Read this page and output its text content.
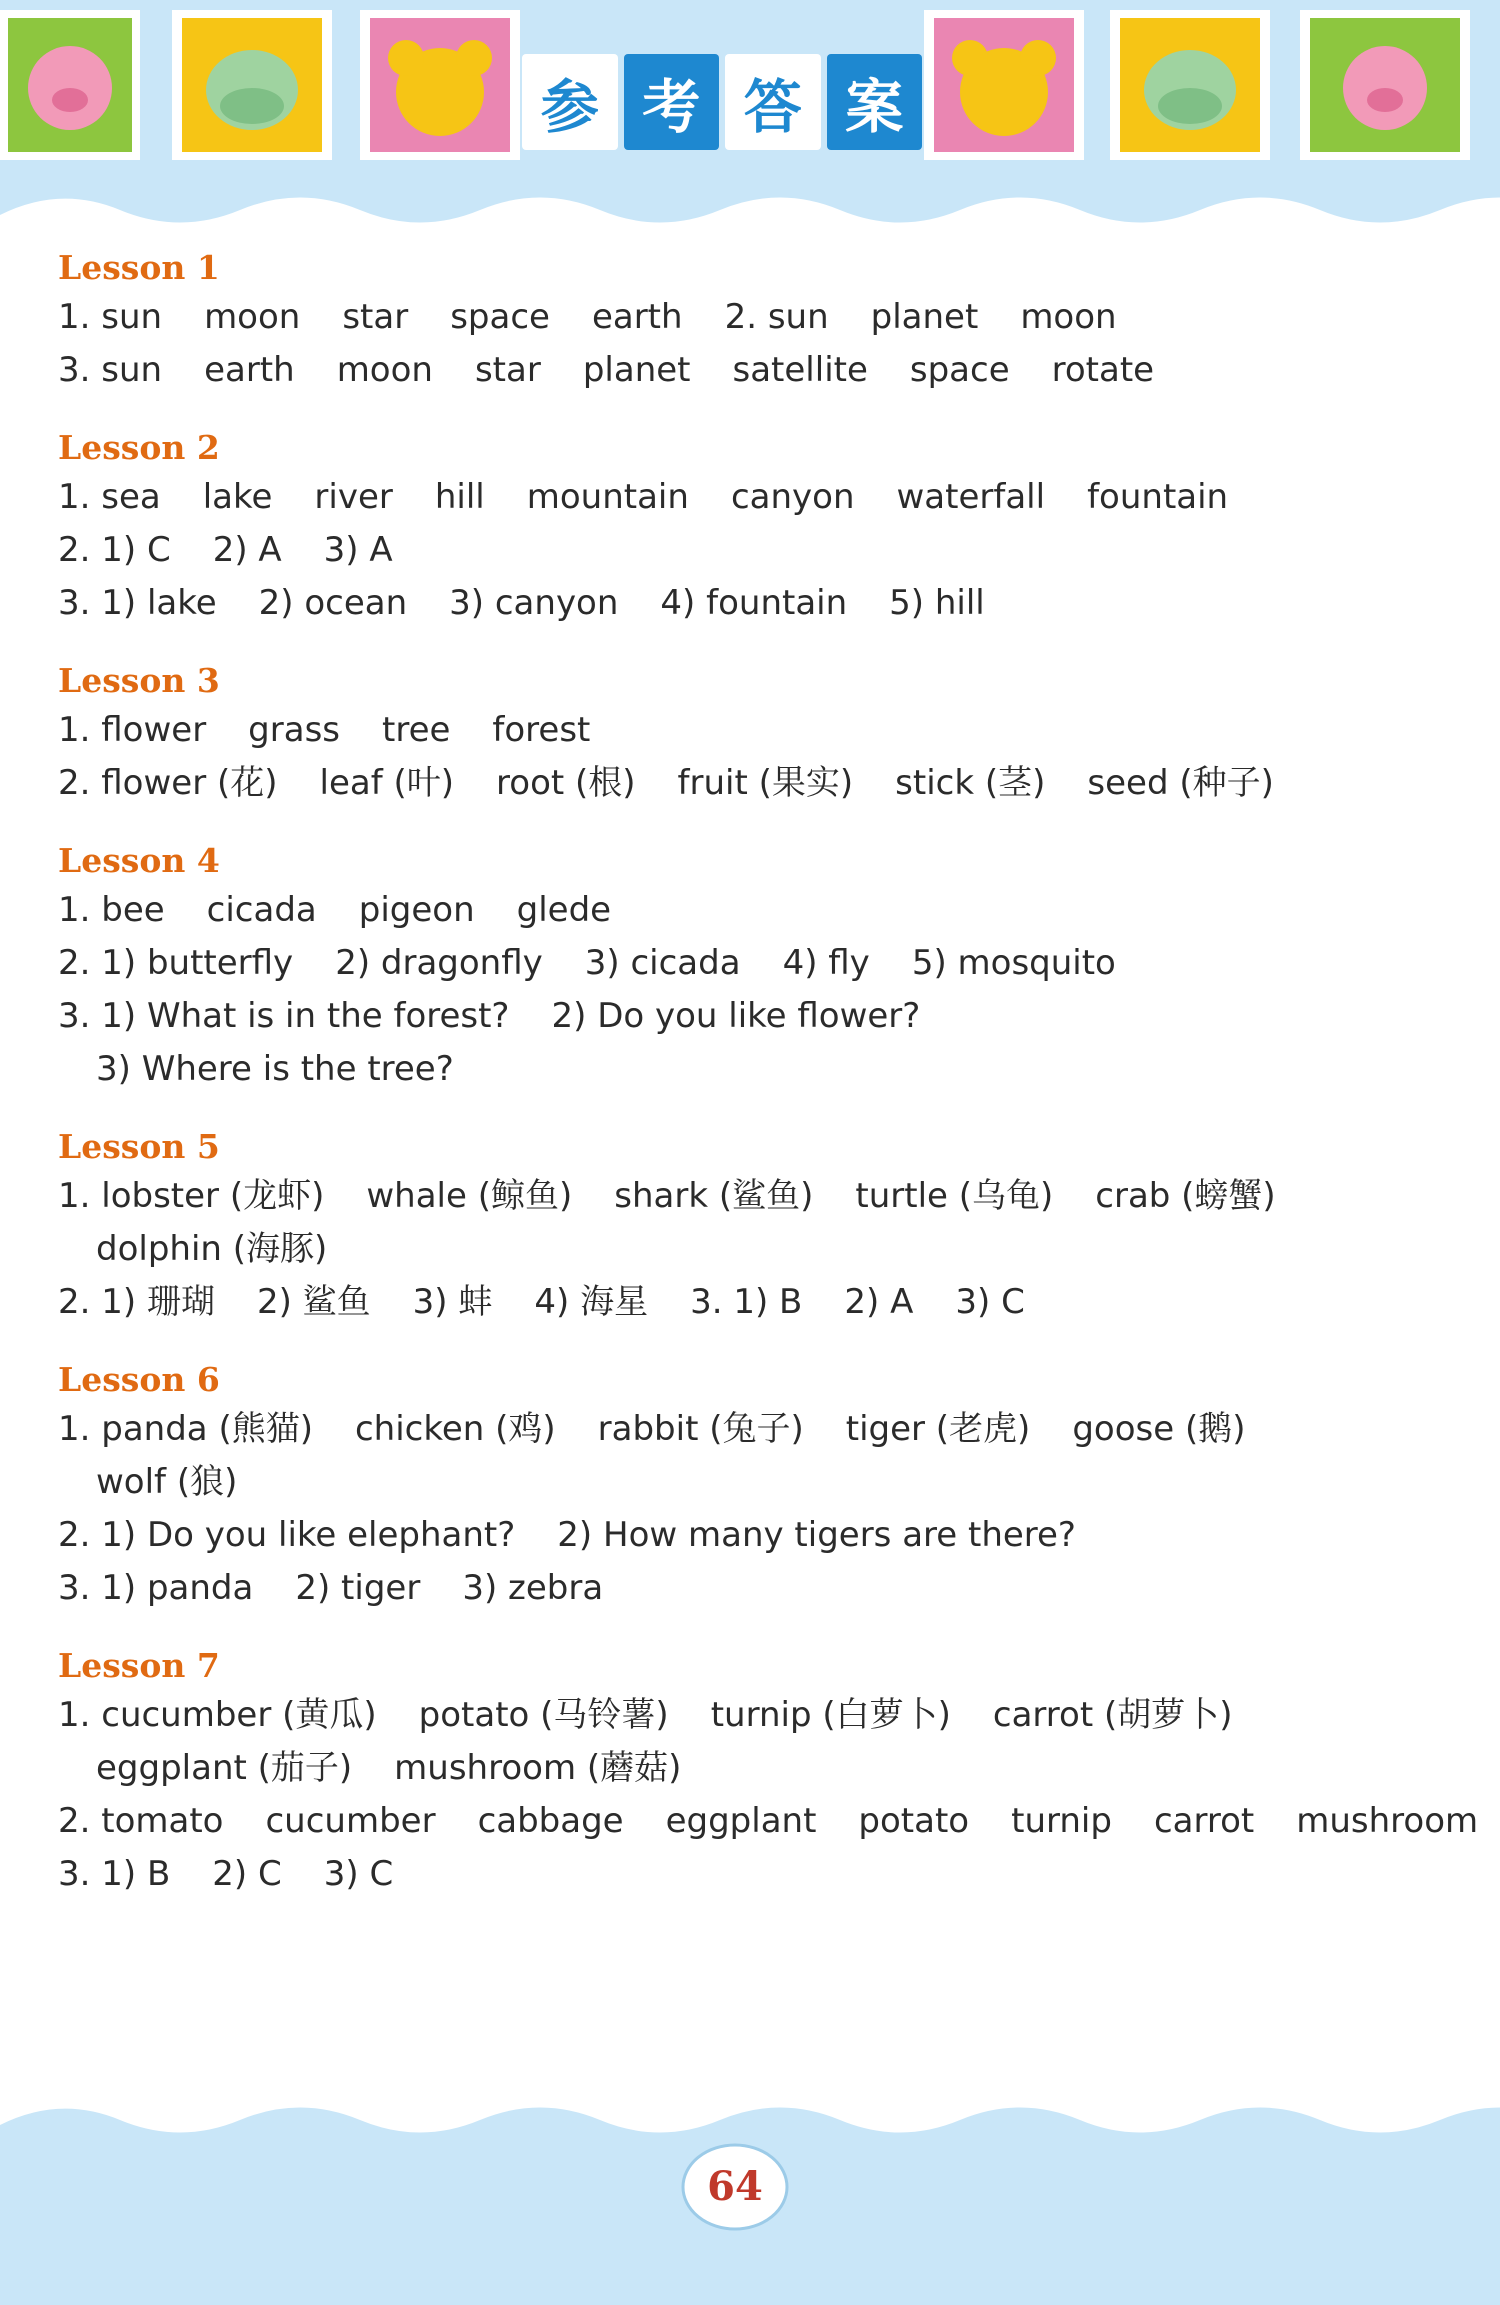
参 考 答 案
Lesson 1
1. sun moon star space earth 2. sun planet moon
3. sun earth moon star planet satellite space rotate
Lesson 2
1. sea lake river hill mountain canyon waterfall fountain
2. 1) C 2) A 3) A
3. 1) lake 2) ocean 3) canyon 4) fountain 5) hill
Lesson 3
1. flower grass tree forest
2. flower (花) leaf (叶) root (根) fruit (果实) stick (茎) seed (种子)
Lesson 4
1. bee cicada pigeon glede
2. 1) butterfly 2) dragonfly 3) cicada 4) fly 5) mosquito
3. 1) What is in the forest? 2) Do you like flower?
3) Where is the tree?
Lesson 5
1. lobster (龙虾) whale (鲸鱼) shark (鲨鱼) turtle (乌龟) crab (螃蟹)
dolphin (海豚)
2. 1) 珊瑚 2) 鲨鱼 3) 蚌 4) 海星 3. 1) B 2) A 3) C
Lesson 6
1. panda (熊猫) chicken (鸡) rabbit (兔子) tiger (老虎) goose (鹅)
wolf (狼)
2. 1) Do you like elephant? 2) How many tigers are there?
3. 1) panda 2) tiger 3) zebra
Lesson 7
1. cucumber (黄瓜) potato (马铃薯) turnip (白萝卜) carrot (胡萝卜)
eggplant (茄子) mushroom (蘑菇)
2. tomato cucumber cabbage eggplant potato turnip carrot mushroom
3. 1) B 2) C 3) C
64
